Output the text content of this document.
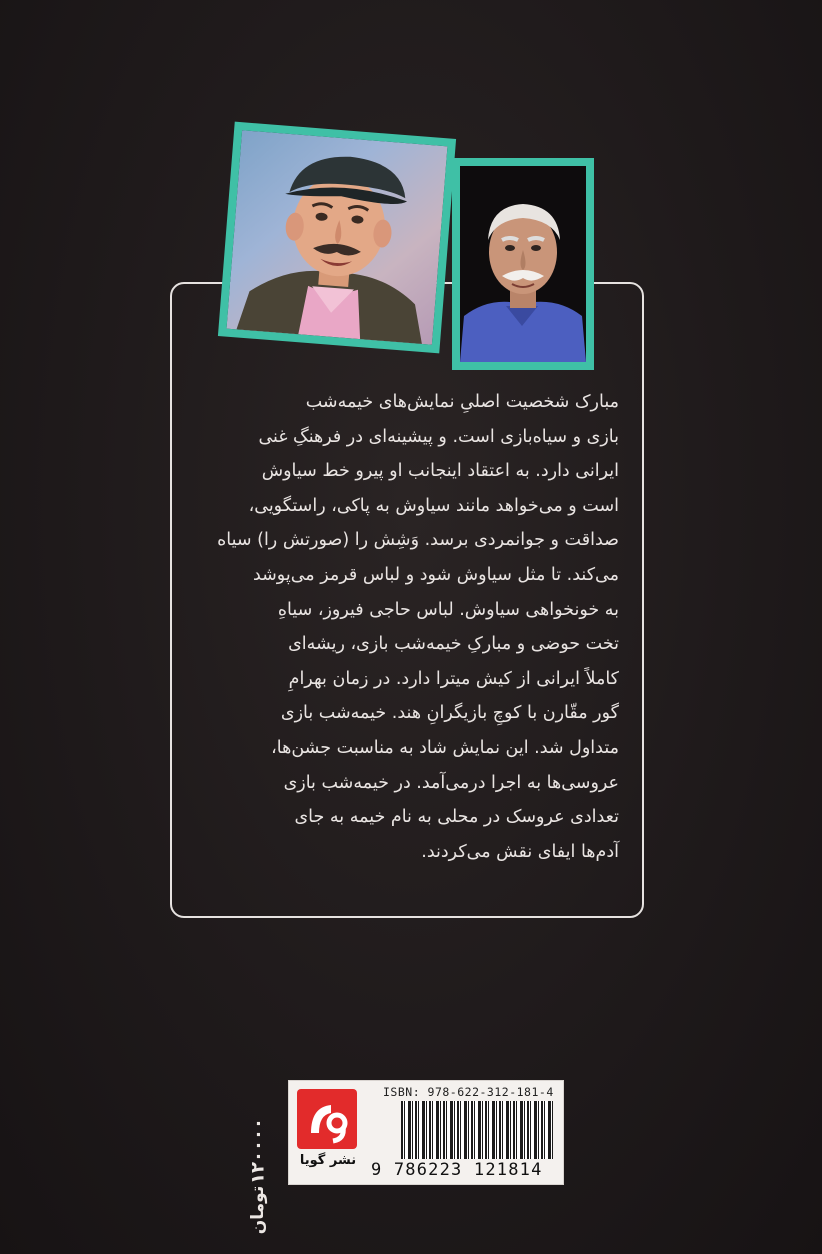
مبارک شخصیت اصلیِ نمایش‌های خیمه‌شب
بازی و سیاه‌بازی است. و پیشینه‌ای در فرهنگِ غنی
ایرانی دارد. به اعتقاد اینجانب او پیرو خط سیاوش
است و می‌خواهد مانند سیاوش به پاکی، راستگویی،
صداقت و جوانمردی برسد. وَشِش را (صورتش را) سیاه
می‌کند. تا مثل سیاوش شود و لباس قرمز می‌پوشد
به خونخواهی سیاوش. لباس حاجی فیروز، سیاهِ
تخت حوضی و مبارکِ خیمه‌شب بازی، ریشه‌ای
کاملاً ایرانی از کیش میترا دارد. در زمان بهرامِ
گور مقّارن با کوچِ بازیگرانِ هند. خیمه‌شب بازی
متداول شد. این نمایش شاد به مناسبت جشن‌ها،
عروسی‌ها به اجرا درمی‌آمد. در خیمه‌شب بازی
تعدادی عروسک در محلی به نام خیمه به جای
آدم‌ها ایفای نقش می‌کردند.
۱۲۰۰۰۰
تومان
نشر گویا
ISBN: 978-622-312-181-4
9 786223 121814
